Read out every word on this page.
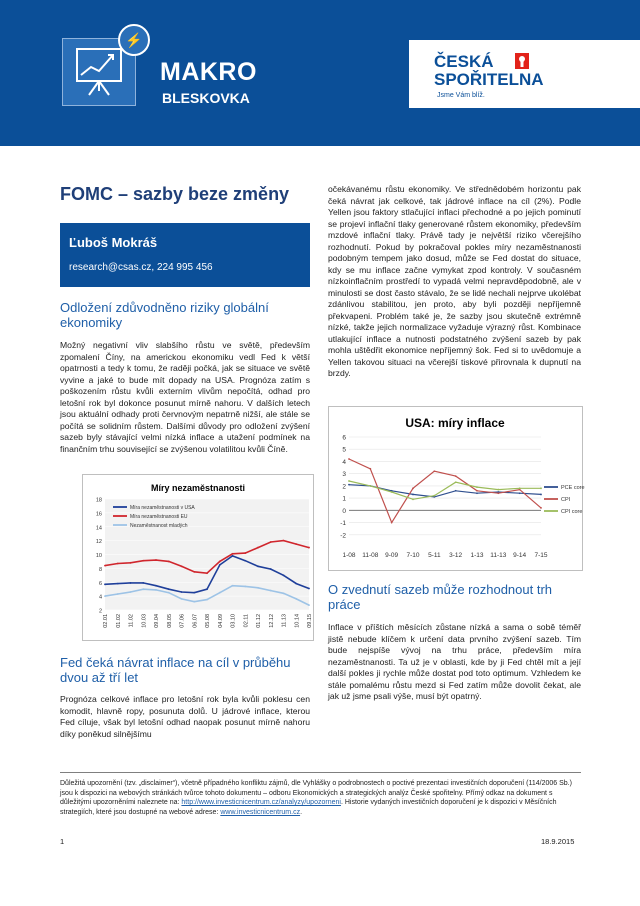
⚡
MAKRO
BLESKOVKA
ČESKÁ
SPOŘITELNA
Jsme Vám blíž.
FOMC – sazby beze změny
Ľuboš Mokráš
research@csas.cz, 224 995 456
Odložení zdůvodněno riziky globální ekonomiky
Možný negativní vliv slabšího růstu ve světě, především zpomalení Číny, na americkou ekonomiku vedl Fed k větší opatrnosti a tedy k tomu, že raději počká, jak se situace ve světě vyvine a jaké to bude mít dopady na USA. Prognóza zatím s poškozením růstu kvůli externím vlivům nepočítá, odhad pro letošní rok byl dokonce posunut mírně nahoru. V dalších letech jsou aktuální odhady proti červnovým nepatrně nižší, ale stále se počítá se solidním růstem. Dalšími důvody pro odložení zvýšení sazeb byly stávající velmi nízká inflace a utažení podmínek na finančním trhu související se zvýšenou volatilitou kvůli Číně.
Míry nezaměstnanosti
2
4
6
8
10
12
14
16
18
02.01 01.02 11.02 10.03 09.04 08.05 07.06 06.07 05.08 04.09 03.10 02.11 01.12 12.12 11.13 10.14 09.15
Míra nezaměstnanosti v USA
Míra nezaměstnanosti EU
Nezaměstnanost mladých
Fed čeká návrat inflace na cíl v průběhu dvou až tří let
Prognóza celkové inflace pro letošní rok byla kvůli poklesu cen komodit, hlavně ropy, posunuta dolů. U jádrové inflace, kterou Fed cíluje, však byl letošní odhad naopak posunut mírně nahoru díky poněkud silnějšímu
očekávanému růstu ekonomiky. Ve střednědobém horizontu pak čeká návrat jak celkové, tak jádrové inflace na cíl (2%). Podle Yellen jsou faktory stlačující inflaci přechodné a po jejich pominutí se projeví inflační tlaky generované růstem ekonomiky, především mzdové inflační tlaky. Právě tady je největší riziko včerejšího rozhodnutí. Pokud by pokračoval pokles míry nezaměstnanosti podobným tempem jako dosud, může se Fed dostat do situace, kdy se mu inflace začne vymykat zpod kontroly. V současném nízkoinflačním prostředí to vypadá velmi nepravděpodobně, ale v minulosti se dost často stávalo, že se lidé nechali nejprve ukolébat zdánlivou stabilitou, jen proto, aby byli později nepříjemně překvapeni. Problém také je, že sazby jsou skutečně extrémně nízké, takže jejich normalizace vyžaduje výrazný růst. Kombinace utlakující inflace a nutnosti podstatného zvýšení sazeb by pak mohla uštědřit ekonomice nepříjemný šok. Fed si to uvědomuje a Yellen takovou situaci na včerejší tiskové přirovnala k dupnutí na brzdy.
USA: míry inflace
-2
-1
0
1
2
3
4
5
6
1-08 11-08 9-09 7-10 5-11 3-12 1-13 11-13 9-14 7-15
PCE core
CPI
CPI core
O zvednutí sazeb může rozhodnout trh práce
Inflace v příštích měsících zůstane nízká a sama o sobě téměř jistě nebude klíčem k určení data prvního zvýšení sazeb. Tím bude nejspíše vývoj na trhu práce, především míra nezaměstnanosti. Ta už je v oblasti, kde by ji Fed chtěl mít a její další pokles ji rychle může dostat pod toto optimum. Vzhledem ke stále pomalému růstu mezd si Fed zatím může dovolit čekat, ale jak už jsme psali výše, musí být opatrný.
Důležitá upozornění (tzv. „disclaimer“), včetně případného konfliktu zájmů, dle Vyhlášky o podrobnostech o poctivé prezentaci investičních doporučení (114/2006 Sb.) jsou k dispozici na webových stránkách tvůrce tohoto dokumentu – odboru Ekonomických a strategických analýz České spořitelny. Přímý odkaz na dokument s důležitými upozorněními naleznete na: http://www.investicnicentrum.cz/analyzy/upozorneni. Historie vydaných investičních doporučení je k dispozici v Měsíčních strategiích, které jsou dostupné na webové adrese: www.investicnicentrum.cz.
1	18.9.2015
